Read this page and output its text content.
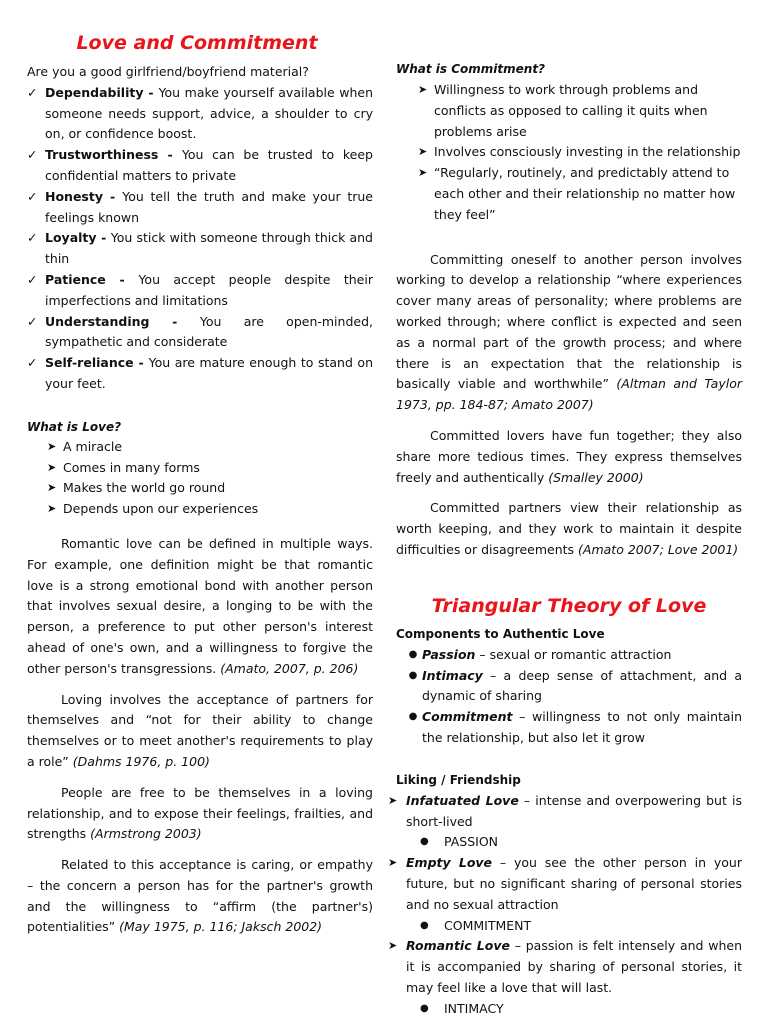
Love and Commitment

Are you a good girlfriend/boyfriend material?

✓ Dependability - You make yourself available when someone needs support, advice, a shoulder to cry on, or confidence boost.
✓ Trustworthiness - You can be trusted to keep confidential matters to private
✓ Honesty - You tell the truth and make your true feelings known
✓ Loyalty - You stick with someone through thick and thin
✓ Patience - You accept people despite their imperfections and limitations
✓ Understanding - You are open-minded, sympathetic and considerate
✓ Self-reliance - You are mature enough to stand on your feet.
What is Love?
➤ A miracle
➤ Comes in many forms
➤ Makes the world go round
➤ Depends upon our experiences

Romantic love can be defined in multiple ways. For example, one definition might be that romantic love is a strong emotional bond with another person that involves sexual desire, a longing to be with the person, a preference to put other person's interest ahead of one's own, and a willingness to forgive the other person's transgressions. (Amato, 2007, p. 206)

Loving involves the acceptance of partners for themselves and “not for their ability to change themselves or to meet another's requirements to play a role” (Dahms 1976, p. 100)

People are free to be themselves in a loving relationship, and to expose their feelings, frailties, and strengths (Armstrong 2003)

Related to this acceptance is caring, or empathy – the concern a person has for the partner's growth and the willingness to “affirm (the partner's) potentialities” (May 1975, p. 116; Jaksch 2002)

What is Commitment?
➤ Willingness to work through problems and conflicts as opposed to calling it quits when problems arise
➤ Involves consciously investing in the relationship
➤ “Regularly, routinely, and predictably attend to each other and their relationship no matter how they feel”

Committing oneself to another person involves working to develop a relationship “where experiences cover many areas of personality; where problems are worked through; where conflict is expected and seen as a normal part of the growth process; and where there is an expectation that the relationship is basically viable and worthwhile” (Altman and Taylor 1973, pp. 184-87; Amato 2007)

Committed lovers have fun together; they also share more tedious times. They express themselves freely and authentically (Smalley 2000)

Committed partners view their relationship as worth keeping, and they work to maintain it despite difficulties or disagreements (Amato 2007; Love 2001)

Triangular Theory of Love
Components to Authentic Love
● Passion – sexual or romantic attraction
● Intimacy – a deep sense of attachment, and a dynamic of sharing
● Commitment – willingness to not only maintain the relationship, but also let it grow
Liking / Friendship
➤ Infatuated Love – intense and overpowering but is short-lived
●	PASSION
➤ Empty Love – you see the other person in your future, but no significant sharing of personal stories and no sexual attraction
●	COMMITMENT
➤ Romantic Love – passion is felt intensely and when it is accompanied by sharing of personal stories, it may feel like a love that will last.
●	INTIMACY
